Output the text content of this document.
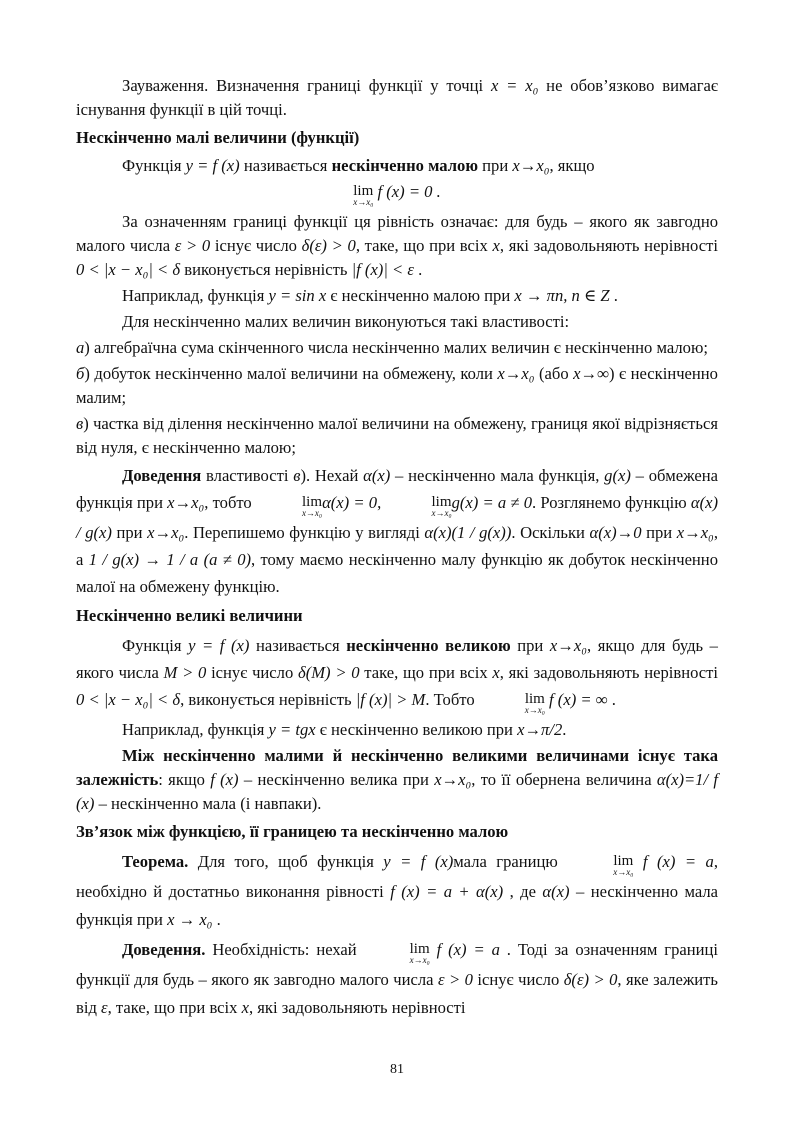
Зауваження. Визначення границі функції у точці x = x₀ не обов’язково вимагає існування функції в цій точці.

Нескінченно малі величини (функції)

Функція y = f (x) називається нескінченно малою при x→x₀, якщо

lim
x→x₀
f (x) = 0 .

За означенням границі функції ця рівність означає: для будь – якого як завгодно малого числа ε > 0 існує число δ(ε) > 0, таке, що при всіх x, які задовольняють нерівності 0 < |x − x₀| < δ виконується нерівність |f (x)| < ε .

Наприклад, функція y = sin x є нескінченно малою при x → πn, n ∈ Z .

Для нескінченно малих величин виконуються такі властивості:

а) алгебраїчна сума скінченного числа нескінченно малих величин є нескінченно малою;

б) добуток нескінченно малої величини на обмежену, коли x→x₀ (або x→∞) є нескінченно малим;

в) частка від ділення нескінченно малої величини на обмежену, границя якої відрізняється від нуля, є нескінченно малою;

Доведення властивості в). Нехай α(x) – нескінченно мала функція, g(x) – обмежена функція при x→x₀, тобто	lim
x→x₀
α(x) = 0,	lim
x→x₀
g(x) = a ≠ 0. Розглянемо функцію α(x) / g(x) при x→x₀. Перепишемо функцію у вигляді α(x)(1 / g(x)). Оскільки α(x)→0 при x→x₀, а 1 / g(x) → 1 / a (a ≠ 0), тому маємо нескінченно малу функцію як добуток нескінченно малої на обмежену функцію.

Нескінченно великі величини

Функція y = f (x) називається нескінченно великою при x→x₀, якщо для будь – якого числа M > 0 існує число δ(M) > 0 таке, що при всіх x, які задовольняють нерівності 0 < |x − x₀| < δ, виконується нерівність |f (x)| > M. Тобто	lim
x→x₀
f (x) = ∞ .

Наприклад, функція y = tgx є нескінченно великою при x→π/2.

Між нескінченно малими й нескінченно великими величинами існує така залежність: якщо f (x) – нескінченно велика при x→x₀, то її обернена величина α(x)=1/ f (x) – нескінченно мала (і навпаки).

Зв’язок між функцією, її границею та нескінченно малою

Теорема. Для того, щоб функція y = f (x)мала границю	lim
x→x₀
f (x) = a, необхідно й достатньо виконання рівності f (x) = a + α(x) , де α(x) – нескінченно мала функція при x → x₀ .

Доведення. Необхідність: нехай	lim
x→x₀
f (x) = a . Тоді за означенням границі функції для будь – якого як завгодно малого числа ε > 0 існує число δ(ε) > 0, яке залежить від ε, таке, що при всіх x, які задовольняють нерівності

81
